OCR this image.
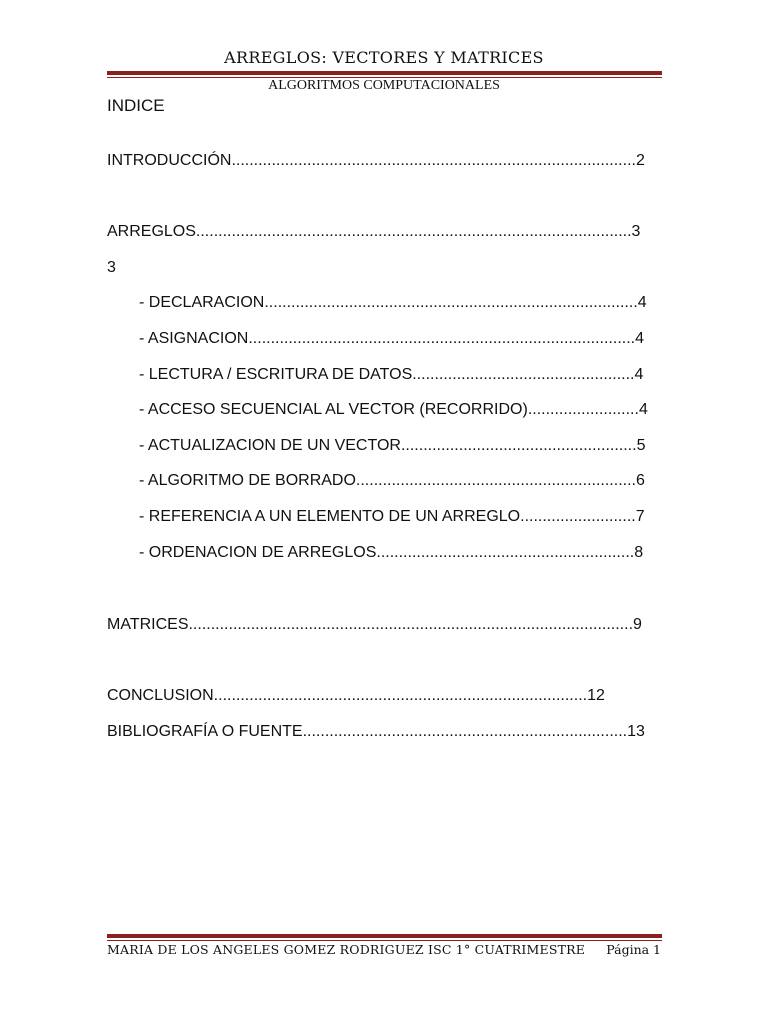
ARREGLOS: VECTORES Y MATRICES
ALGORITMOS COMPUTACIONALES
INDICE
INTRODUCCIÓN...........................................................................................2
ARREGLOS..................................................................................................3
3
- DECLARACION....................................................................................4
- ASIGNACION.......................................................................................4
- LECTURA / ESCRITURA DE DATOS..................................................4
- ACCESO SECUENCIAL AL VECTOR (RECORRIDO).........................4
- ACTUALIZACION DE UN VECTOR.....................................................5
- ALGORITMO DE BORRADO...............................................................6
- REFERENCIA A UN ELEMENTO DE UN ARREGLO..........................7
- ORDENACION DE ARREGLOS..........................................................8
MATRICES....................................................................................................9
CONCLUSION....................................................................................12
BIBLIOGRAFÍA O FUENTE.........................................................................13
MARIA DE LOS ANGELES GOMEZ RODRIGUEZ ISC 1° CUATRIMESTRE Página 1
